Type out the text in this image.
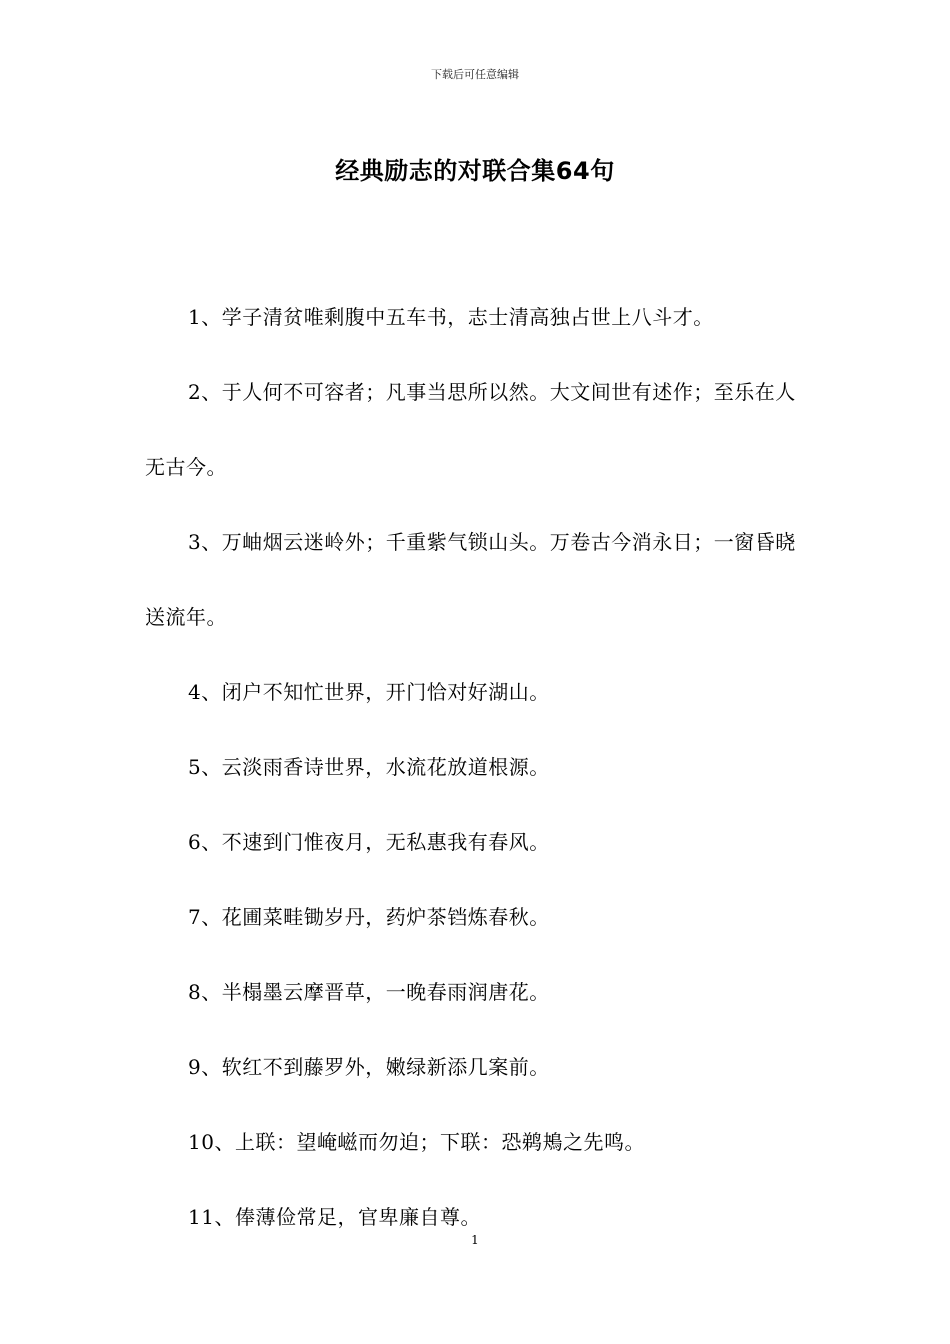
下载后可任意编辑
经典励志的对联合集64句

1、学子清贫唯剩腹中五车书，志士清高独占世上八斗才。

2、于人何不可容者；凡事当思所以然。大文间世有述作；至乐在人无古今。

3、万岫烟云迷岭外；千重紫气锁山头。万卷古今消永日；一窗昏晓送流年。

4、闭户不知忙世界，开门恰对好湖山。

5、云淡雨香诗世界，水流花放道根源。

6、不速到门惟夜月，无私惠我有春风。

7、花圃菜畦锄岁丹，药炉茶铛炼春秋。

8、半榻墨云摩晋草，一晚春雨润唐花。

9、软红不到藤罗外，嫩绿新添几案前。

10、上联：望崦嵫而勿迫；下联：恐鹈鴂之先鸣。

11、俸薄俭常足，官卑廉自尊。

1
